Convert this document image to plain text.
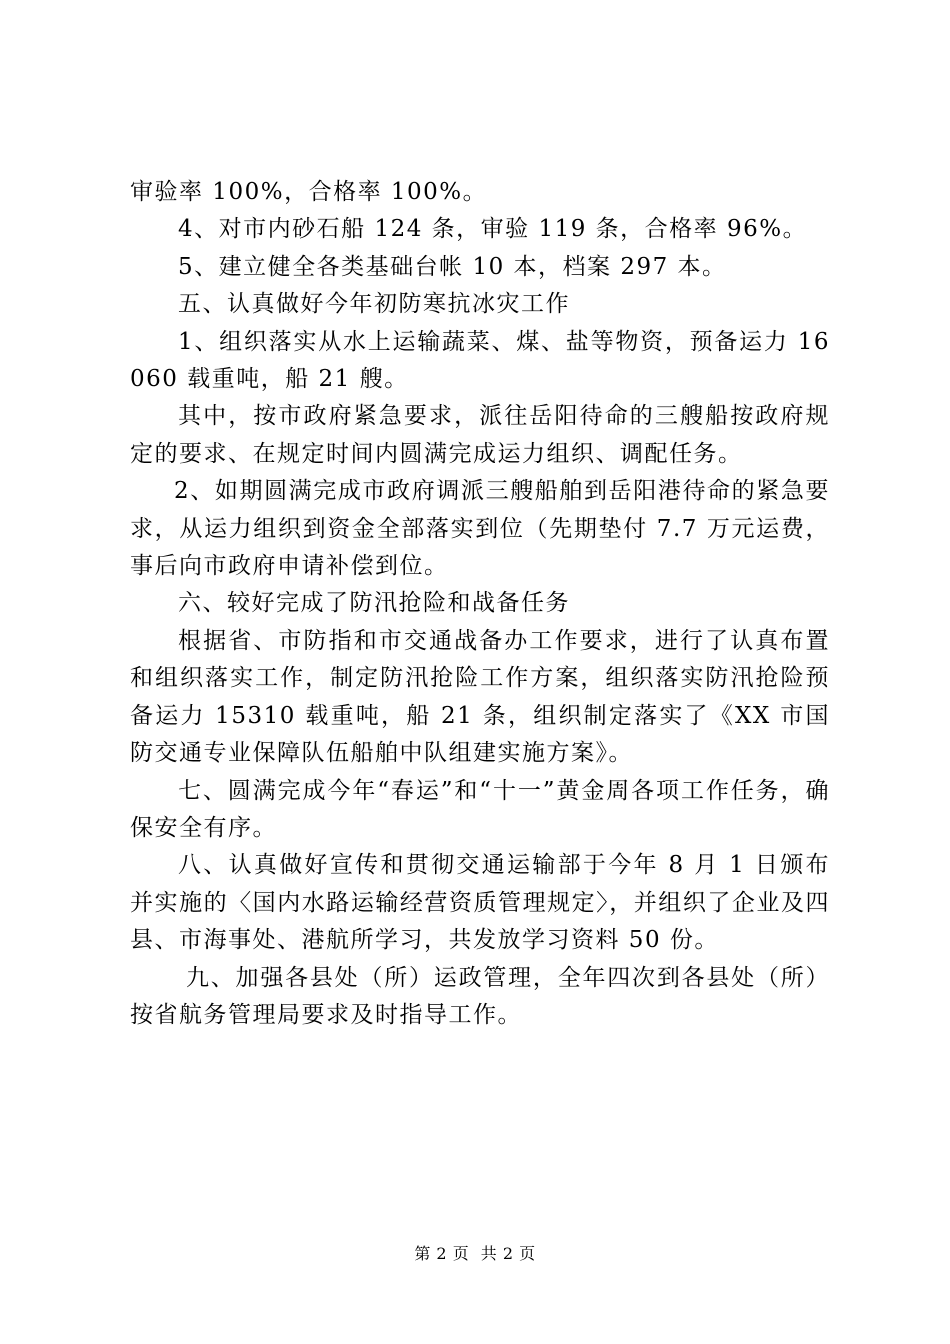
审验率 100%，合格率 100%。

4、对市内砂石船 124 条，审验 119 条，合格率 96%。

5、建立健全各类基础台帐 10 本，档案 297 本。

五、认真做好今年初防寒抗冰灾工作

1、组织落实从水上运输蔬菜、煤、盐等物资，预备运力 16060 载重吨，船 21 艘。

其中，按市政府紧急要求，派往岳阳待命的三艘船按政府规定的要求、在规定时间内圆满完成运力组织、调配任务。

2、如期圆满完成市政府调派三艘船舶到岳阳港待命的紧急要求，从运力组织到资金全部落实到位（先期垫付 7.7 万元运费，事后向市政府申请补偿到位。

六、较好完成了防汛抢险和战备任务

根据省、市防指和市交通战备办工作要求，进行了认真布置和组织落实工作，制定防汛抢险工作方案，组织落实防汛抢险预备运力 15310 载重吨，船 21 条，组织制定落实了《XX 市国防交通专业保障队伍船舶中队组建实施方案》。

七、圆满完成今年“春运”和“十一”黄金周各项工作任务，确保安全有序。

八、认真做好宣传和贯彻交通运输部于今年 8 月 1 日颁布并实施的〈国内水路运输经营资质管理规定〉，并组织了企业及四县、市海事处、港航所学习，共发放学习资料 50 份。

九、加强各县处（所）运政管理，全年四次到各县处（所）按省航务管理局要求及时指导工作。

第 2 页 共 2 页
